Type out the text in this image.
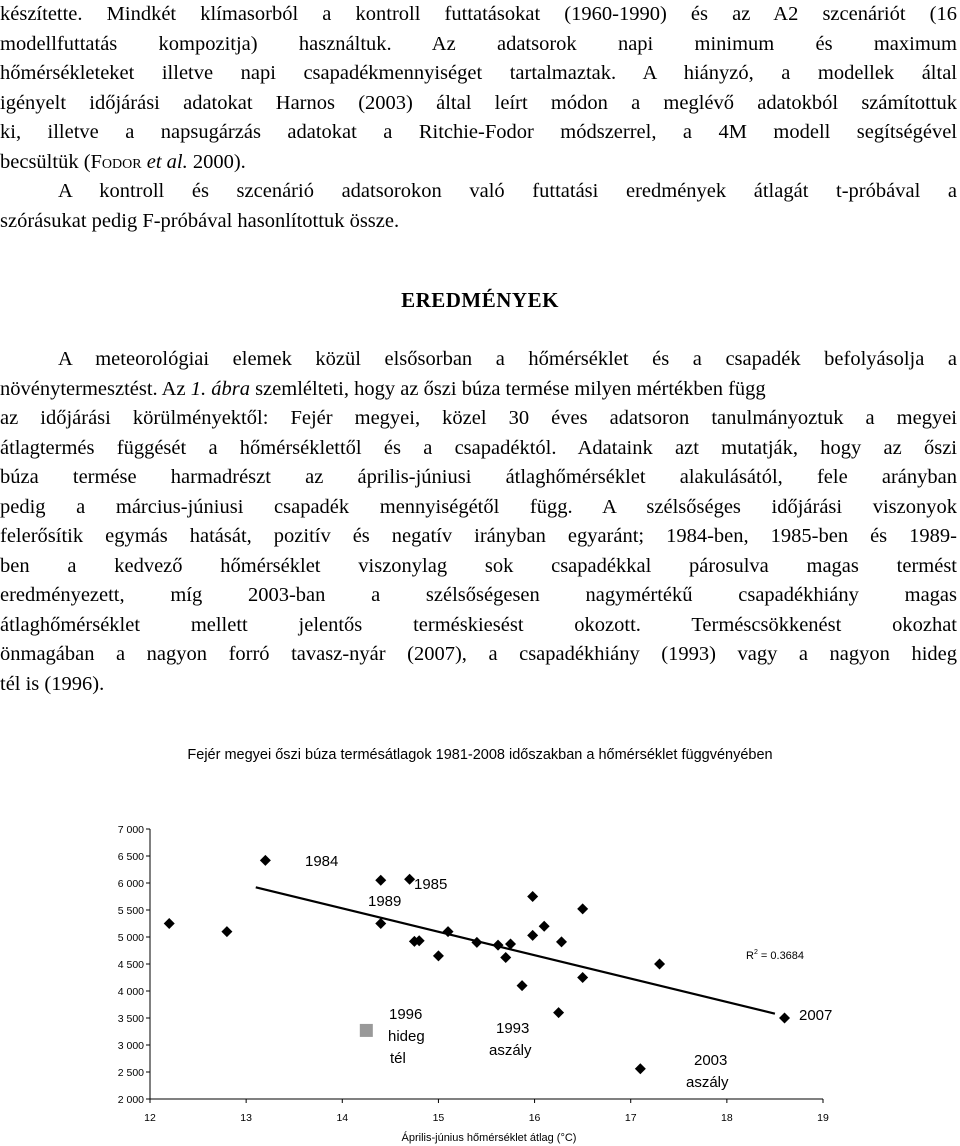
készítette. Mindkét klímasorból a kontroll futtatásokat (1960-1990) és az A2 szcenáriót (16
modellfuttatás kompozitja) használtuk. Az adatsorok napi minimum és maximum
hőmérsékleteket illetve napi csapadékmennyiséget tartalmaztak. A hiányzó, a modellek által
igényelt időjárási adatokat Harnos (2003) által leírt módon a meglévő adatokból számítottuk
ki, illetve a napsugárzás adatokat a Ritchie-Fodor módszerrel, a 4M modell segítségével
becsültük (Fodor et al. 2000).
A kontroll és szcenárió adatsorokon való futtatási eredmények átlagát t-próbával a
szórásukat pedig F-próbával hasonlítottuk össze.
EREDMÉNYEK
A meteorológiai elemek közül elsősorban a hőmérséklet és a csapadék befolyásolja a
növénytermesztést. Az 1. ábra szemlélteti, hogy az őszi búza termése milyen mértékben függ
az időjárási körülményektől: Fejér megyei, közel 30 éves adatsoron tanulmányoztuk a megyei
átlagtermés függését a hőmérséklettől és a csapadéktól. Adataink azt mutatják, hogy az őszi
búza termése harmadrészt az április-júniusi átlaghőmérséklet alakulásától, fele arányban
pedig a március-júniusi csapadék mennyiségétől függ. A szélsőséges időjárási viszonyok
felerősítik egymás hatását, pozitív és negatív irányban egyaránt; 1984-ben, 1985-ben és 1989-
ben a kedvező hőmérséklet viszonylag sok csapadékkal párosulva magas termést
eredményezett, míg 2003-ban a szélsőségesen nagymértékű csapadékhiány magas
átlaghőmérséklet mellett jelentős terméskiesést okozott. Terméscsökkenést okozhat
önmagában a nagyon forró tavasz-nyár (2007), a csapadékhiány (1993) vagy a nagyon hideg
tél is (1996).
Fejér megyei őszi búza termésátlagok 1981-2008 időszakban a hőmérséklet függvényében
12	13	14	15	16	17	18	19
2 000
2 500
3 000
3 500
4 000
4 500
5 000
5 500
6 000
6 500
7 000
1984
1985
1989
1996
hideg
tél
1993
aszály
2003
aszály
2007
$R^2 = 0.3684$
Április-június hőmérséklet átlag (°C)
